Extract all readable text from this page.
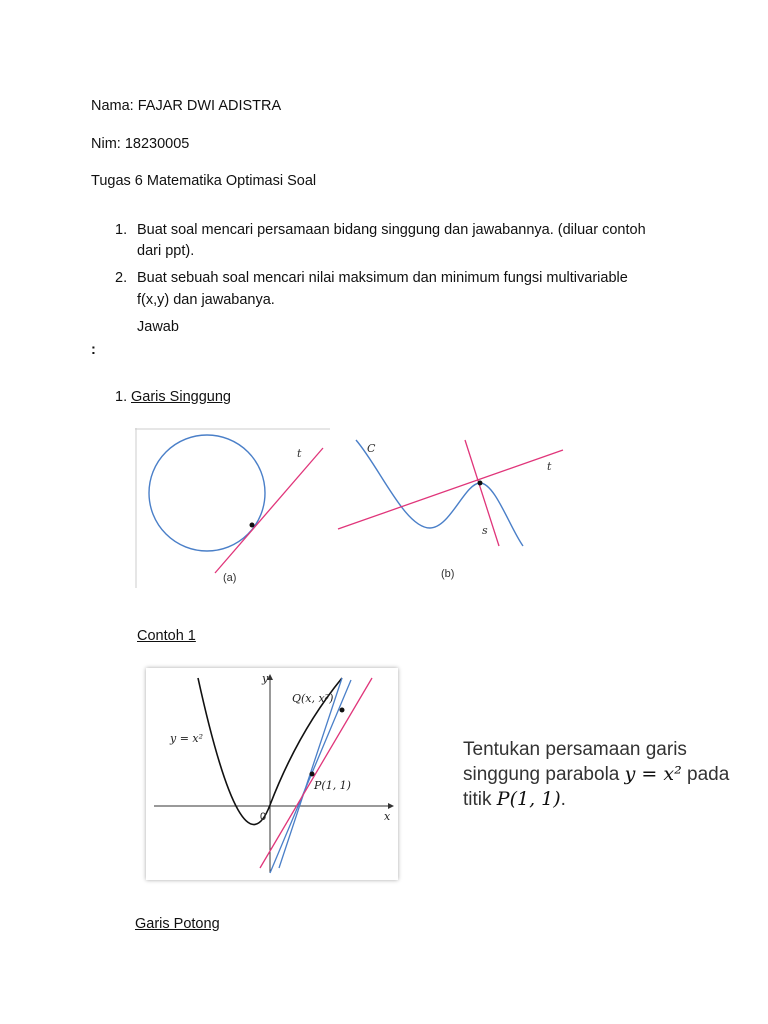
Nama: FAJAR DWI ADISTRA
Nim: 18230005
Tugas 6 Matematika Optimasi Soal
1. Buat soal mencari persamaan bidang singgung dan jawabannya. (diluar contoh
dari ppt).
2. Buat sebuah soal mencari nilai maksimum dan minimum fungsi multivariable
f(x,y) dan jawabanya.
Jawab
:
1. Garis Singgung
t
(a)
C
t
s
(b)
Contoh 1
y
x
0
y = x²
Q(x, x²)
P(1, 1)
Tentukan persamaan garis
singgung parabola y = x² pada
titik P(1, 1).
Garis Potong
